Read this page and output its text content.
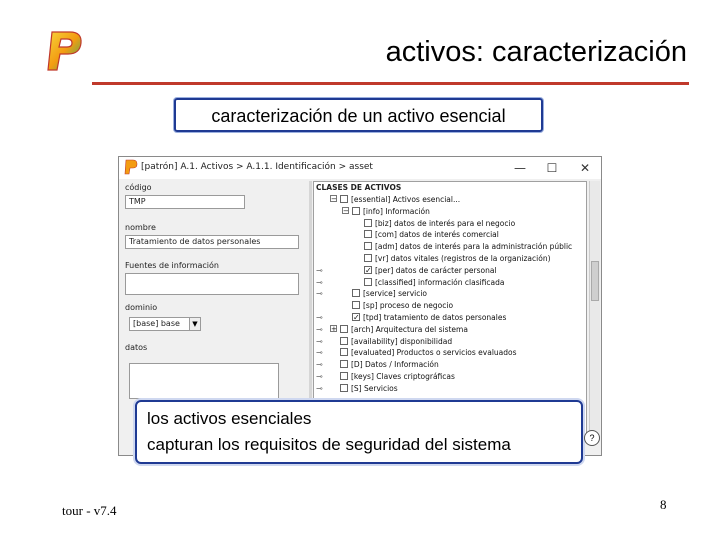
activos: caracterización
caracterización de un activo esencial
[patrón] A.1. Activos > A.1.1. Identificación > asset	—	☐	✕
código
TMP
nombre
Tratamiento de datos personales
Fuentes de información
dominio
[base] base	▼
datos
CLASES DE ACTIVOS
− [essential] Activos esencial...
− [info] Información
[biz] datos de interés para el negocio
[com] datos de interés comercial
[adm] datos de interés para la administración públic
[vr] datos vitales (registros de la organización)
⊸	✓ [per] datos de carácter personal
⊸	[classified] información clasificada
⊸	[service] servicio
[sp] proceso de negocio
⊸	✓ [tpd] tratamiento de datos personales
⊸	+ [arch] Arquitectura del sistema
⊸	[availability] disponibilidad
⊸	[evaluated] Productos o servicios evaluados
⊸	[D] Datos / Información
⊸	[keys] Claves criptográficas
⊸	[S] Servicios
los activos esenciales
capturan los requisitos de seguridad del sistema	?
tour - v7.4	8
